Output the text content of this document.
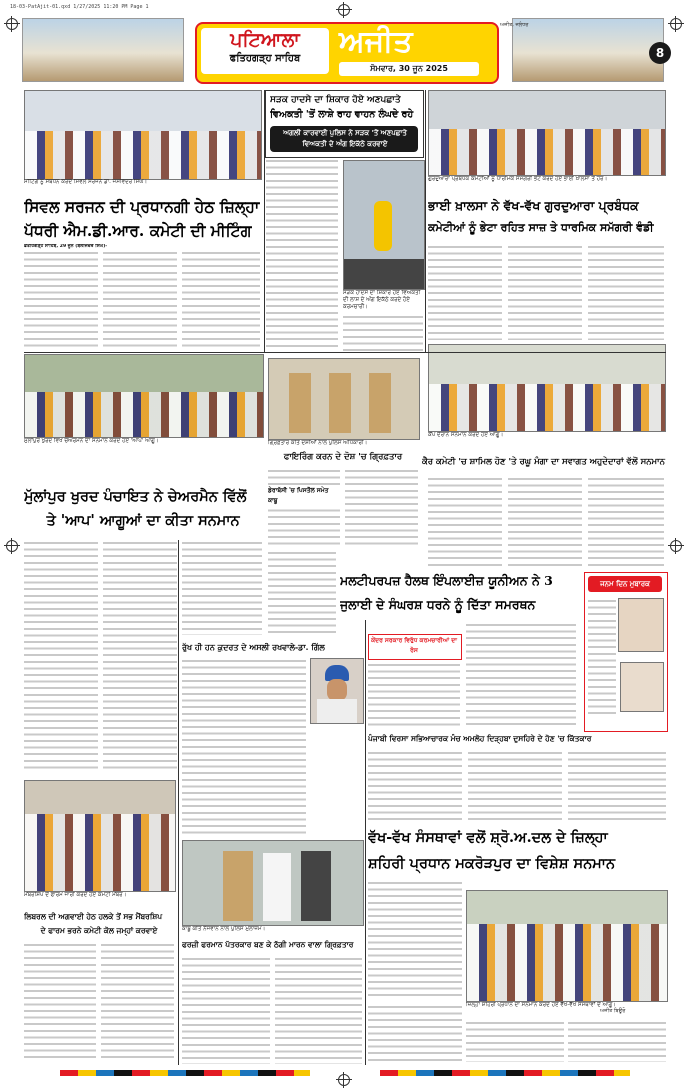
18-03-PatAjit-01.qxd 1/27/2025 11:20 PM Page 1
ਪਟਿਆਲਾ
ਫਤਿਹਗੜ੍ਹ ਸਾਹਿਬ	ਅਜੀਤ
ਸੋਮਵਾਰ, 30 ਜੂਨ 2025
8
ਅਜੀਤ, ਜਲੰਧਰ
ਮੀਟਿੰਗ ਨੂੰ ਸੰਬੋਧਨ ਕਰਦੇ ਸਿਵਲ ਸਰਜਨ ਡਾ. ਜਸਵਿੰਦਰ ਸਿੰਘ।
ਸਿਵਲ ਸਰਜਨ ਦੀ ਪ੍ਰਧਾਨਗੀ ਹੇਠ ਜ਼ਿਲ੍ਹਾ
ਪੱਧਰੀ ਐਮ.ਡੀ.ਆਰ. ਕਮੇਟੀ ਦੀ ਮੀਟਿੰਗ
ਫ਼ਤਹਿਗੜ੍ਹ ਸਾਹਿਬ, 29 ਜੂਨ (ਬਲਜਿੰਦਰ ਸਿੰਘ)-
ਸੜਕ ਹਾਦਸੇ ਦਾ ਸ਼ਿਕਾਰ ਹੋਏ ਅਣਪਛਾਤੇ
ਵਿਅਕਤੀ 'ਤੋਂ ਲਾਸ਼ੇ ਰਾਹ ਵਾਹਨ ਲੰਘਦੇ ਰਹੇ
ਅਗਲੀ ਕਾਰਵਾਈ ਪੁਲਿਸ ਨੇ ਸੜਕ 'ਤੋਂ ਅਣਪਛਾਤੇ ਵਿਅਕਤੀ ਦੇ ਅੰਗ ਇਕੱਠੇ ਕਰਵਾਏ
ਸੜਕ ਹਾਦਸੇ ਦਾ ਸ਼ਿਕਾਰ ਹੋਏ ਵਿਅਕਤੀ ਦੀ ਲਾਸ਼ ਦੇ ਅੰਗ ਇਕੱਠੇ ਕਰਦੇ ਹੋਏ ਕਰਮਚਾਰੀ।
ਗੁਰਦੁਆਰਾ ਪ੍ਰਬੰਧਕ ਕਮੇਟੀਆਂ ਨੂੰ ਧਾਰਮਿਕ ਸਮੱਗਰੀ ਭੇਟ ਕਰਦੇ ਹੋਏ ਭਾਈ ਖ਼ਾਲਸਾ ਤੇ ਹੋਰ।
ਭਾਈ ਖ਼ਾਲਸਾ ਨੇ ਵੱਖ-ਵੱਖ ਗੁਰਦੁਆਰਾ ਪ੍ਰਬੰਧਕ
ਕਮੇਟੀਆਂ ਨੂੰ ਭੇਟਾ ਰਹਿਤ ਸਾਜ਼ ਤੇ ਧਾਰਮਿਕ ਸਮੱਗਰੀ ਵੰਡੀ
ਮੁੱਲਾਂਪੁਰ ਖੁਰਦ ਵਿਖੇ ਚੇਅਰਮੈਨ ਦਾ ਸਨਮਾਨ ਕਰਦੇ ਹੋਏ 'ਆਪ' ਆਗੂ।
ਮੁੱਲਾਂਪੁਰ ਖੁਰਦ ਪੰਚਾਇਤ ਨੇ ਚੇਅਰਮੈਨ ਵਿੱਲੋਂ
ਤੇ 'ਆਪ' ਆਗੂਆਂ ਦਾ ਕੀਤਾ ਸਨਮਾਨ
ਗ੍ਰਿਫ਼ਤਾਰ ਕੀਤੇ ਦੋਸ਼ੀਆਂ ਨਾਲ ਪੁਲਿਸ ਅਧਿਕਾਰੀ।
ਫਾਇਰਿੰਗ ਕਰਨ ਦੇ ਦੋਸ਼ 'ਚ ਗ੍ਰਿਫ਼ਤਾਰ
ਡੇਰਾਬੱਸੀ 'ਚ ਪਿਸਤੌਲ ਸਮੇਤ ਕਾਬੂ
ਕੈਂਪ ਦੌਰਾਨ ਸਨਮਾਨ ਕਰਦੇ ਹੋਏ ਆਗੂ।
ਕੈਰ ਕਮੇਟੀ 'ਚ ਸ਼ਾਮਿਲ ਹੋਣ 'ਤੇ ਰਘੂ ਮੰਗਾ ਦਾ ਸਵਾਗਤ ਅਹੁਦੇਦਾਰਾਂ ਵੱਲੋਂ ਸਨਮਾਨ
ਰੁੱਖ ਹੀ ਹਨ ਕੁਦਰਤ ਦੇ ਅਸਲੀ ਰਖਵਾਲੇ-ਡਾ. ਗਿੱਲ
ਮੈਂਬਰਸ਼ਿਪ ਦੇ ਫਾਰਮ ਜਾਰੀ ਕਰਦੇ ਹੋਏ ਕਮੇਟੀ ਮੈਂਬਰ।
ਲਿਬਰਲ ਦੀ ਅਗਵਾਈ ਹੇਠ ਹਲਕੇ ਤੋਂ ਸਭ ਮੈਂਬਰਸ਼ਿਪ
ਦੇ ਫਾਰਮ ਭਰਨੇ ਕਮੇਟੀ ਕੋਲ ਜਮ੍ਹਾਂ ਕਰਵਾਏ	ਕਾਬੂ ਕੀਤੇ ਨੌਜਵਾਨ ਨਾਲ ਪੁਲਿਸ ਮੁਲਾਜ਼ਮ।
ਫਰਜ਼ੀ ਫਰਮਾਨ ਪੱਤਰਕਾਰ ਬਣ ਕੇ ਠੱਗੀ ਮਾਰਨ ਵਾਲਾ ਗ੍ਰਿਫ਼ਤਾਰ
ਮਲਟੀਪਰਪਜ਼ ਹੈਲਥ ਇੰਪਲਾਈਜ਼ ਯੂਨੀਅਨ ਨੇ 3
ਜੁਲਾਈ ਦੇ ਸੰਘਰਸ਼ ਧਰਨੇ ਨੂੰ ਦਿੱਤਾ ਸਮਰਥਨ
ਕੇਂਦਰ ਸਰਕਾਰ ਵਿਰੁੱਧ ਕਰਮਚਾਰੀਆਂ ਦਾ ਰੋਸ
ਜਨਮ ਦਿਨ ਮੁਬਾਰਕ
ਪੰਜਾਬੀ ਵਿਰਸਾ ਸਭਿਆਚਾਰਕ ਮੰਚ ਅਮਲੋਹ ਦਿੜ੍ਹਬਾ ਦੁਸਹਿਰੇ ਦੇ ਹੋਣ 'ਚ ਕਿੱਤਕਾਰ
ਵੱਖ-ਵੱਖ ਸੰਸਥਾਵਾਂ ਵਲੋਂ ਸ਼੍ਰੋ.ਅ.ਦਲ ਦੇ ਜ਼ਿਲ੍ਹਾ
ਸ਼ਹਿਰੀ ਪ੍ਰਧਾਨ ਮਕਰੋੜਪੁਰ ਦਾ ਵਿਸ਼ੇਸ਼ ਸਨਮਾਨ
ਜ਼ਿਲ੍ਹਾ ਸ਼ਹਿਰੀ ਪ੍ਰਧਾਨ ਦਾ ਸਨਮਾਨ ਕਰਦੇ ਹੋਏ ਵੱਖ-ਵੱਖ ਸੰਸਥਾਵਾਂ ਦੇ ਆਗੂ।
ਅਜੀਤ ਬਿਊਰੋ
